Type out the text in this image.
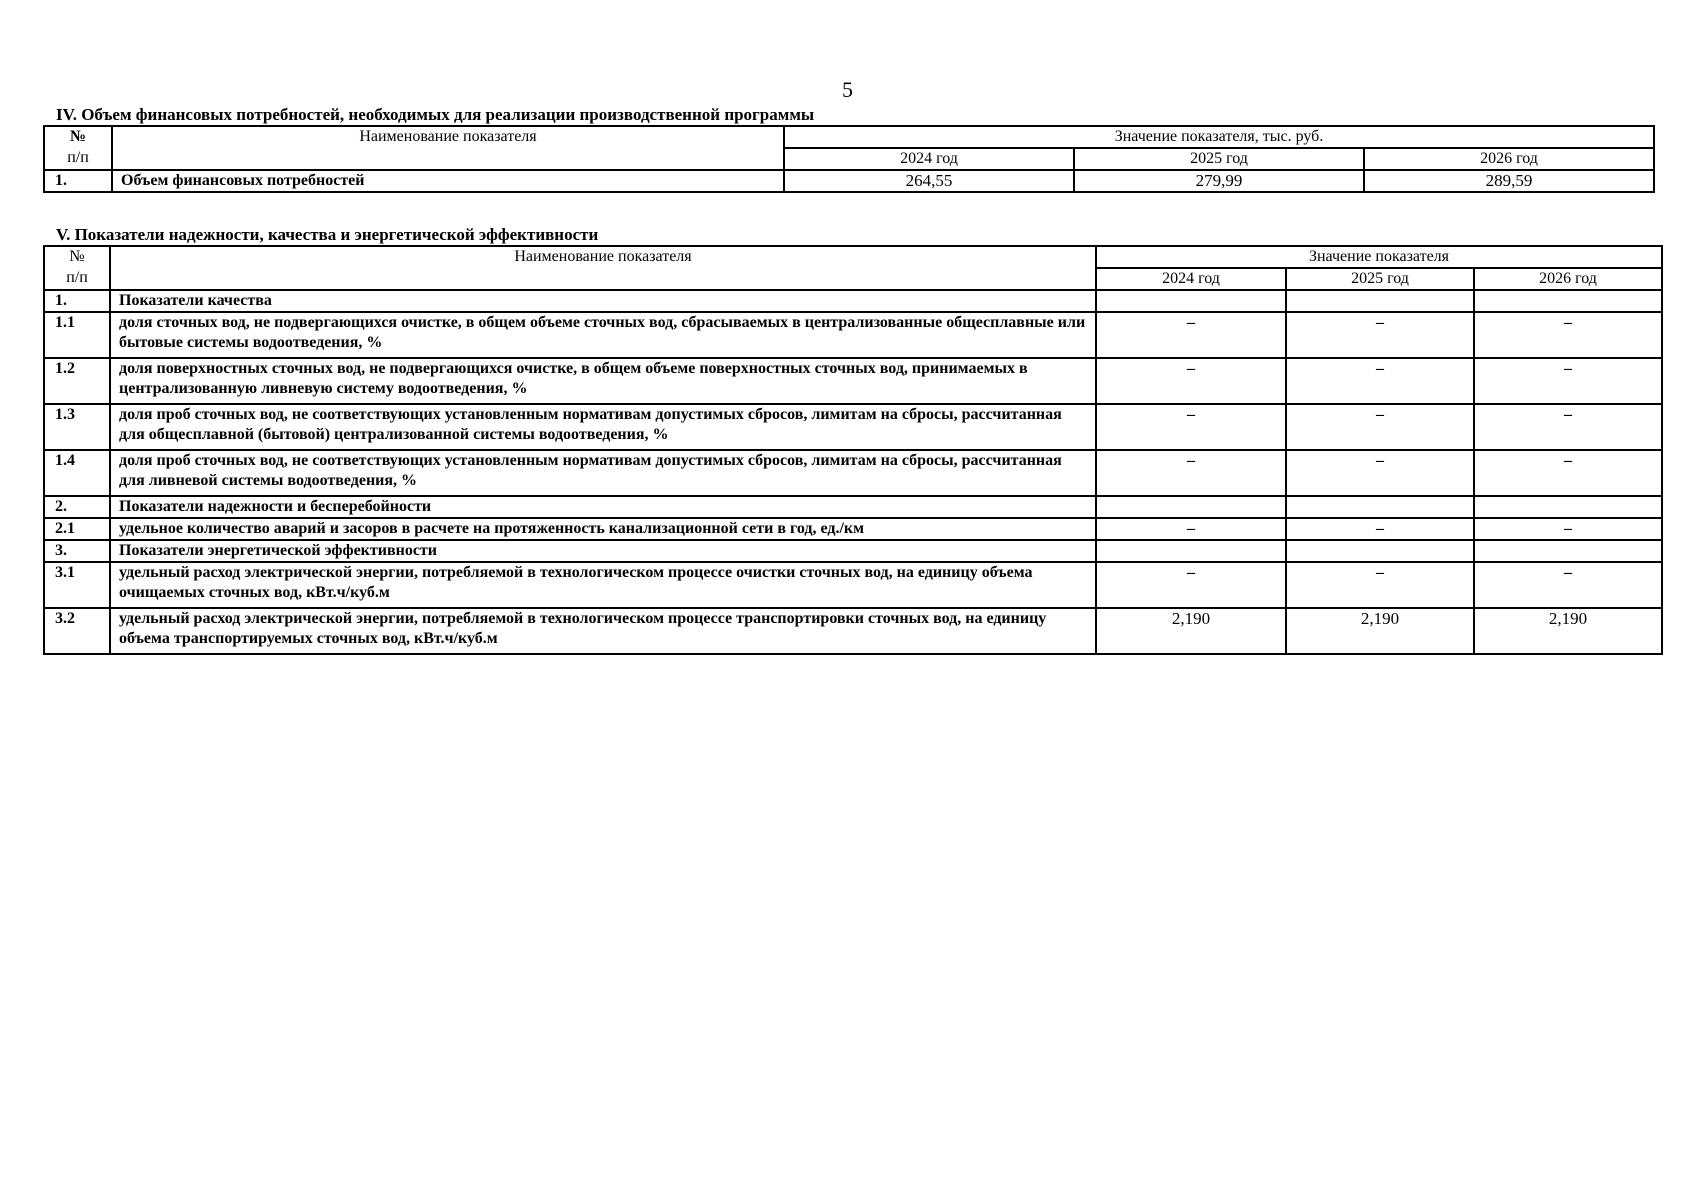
5
IV. Объем финансовых потребностей, необходимых для реализации производственной программы
№	Наименование показателя	Значение показателя, тыс. руб.		
п/п		2024 год	2025 год	2026 год
1.	Объем финансовых потребностей	264,55	279,99	289,59
V. Показатели надежности, качества и энергетической эффективности
№	Наименование показателя	Значение показателя		
п/п		2024 год	2025 год	2026 год
1.	Показатели качества			
1.1	доля сточных вод, не подвергающихся очистке, в общем объеме сточных вод, сбрасываемых в централизованные общесплавные или бытовые системы водоотведения, %	–	–	–
1.2	доля поверхностных сточных вод, не подвергающихся очистке, в общем объеме поверхностных сточных вод, принимаемых в централизованную ливневую систему водоотведения, %	–	–	–
1.3	доля проб сточных вод, не соответствующих установленным нормативам допустимых сбросов, лимитам на сбросы, рассчитанная для общесплавной (бытовой) централизованной системы водоотведения, %	–	–	–
1.4	доля проб сточных вод, не соответствующих установленным нормативам допустимых сбросов, лимитам на сбросы, рассчитанная для ливневой системы водоотведения, %	–	–	–
2.	Показатели надежности и бесперебойности			
2.1	удельное количество аварий и засоров в расчете на протяженность канализационной сети в год, ед./км	–	–	–
3.	Показатели энергетической эффективности			
3.1	удельный расход электрической энергии, потребляемой в технологическом процессе очистки сточных вод, на единицу объема очищаемых сточных вод, кВт.ч/куб.м	–	–	–
3.2	удельный расход электрической энергии, потребляемой в технологическом процессе транспортировки сточных вод, на единицу объема транспортируемых сточных вод, кВт.ч/куб.м	2,190	2,190	2,190
